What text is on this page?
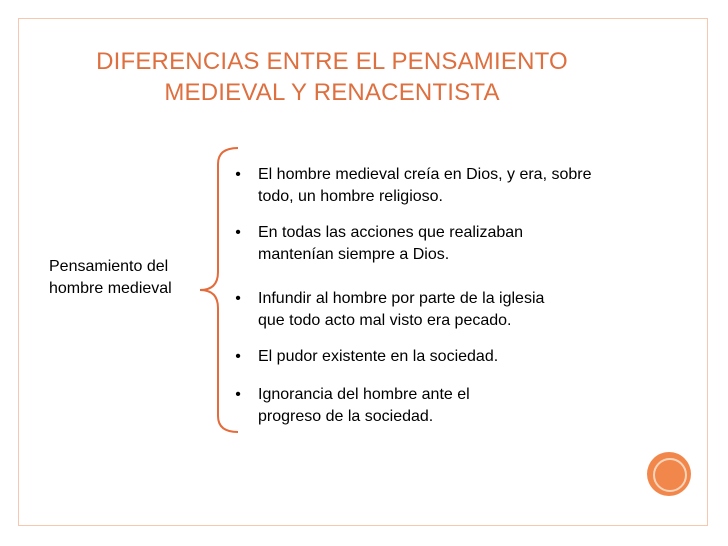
DIFERENCIAS ENTRE EL PENSAMIENTO
MEDIEVAL Y RENACENTISTA
Pensamiento del
hombre medieval
•	El hombre medieval creía en Dios, y era, sobre
todo, un hombre religioso.
•	En todas las acciones que realizaban
mantenían siempre a Dios.
•	Infundir al hombre por parte de la iglesia
que todo acto mal visto era pecado.
•	El pudor existente en la sociedad.
•	Ignorancia del hombre ante el
progreso de la sociedad.
